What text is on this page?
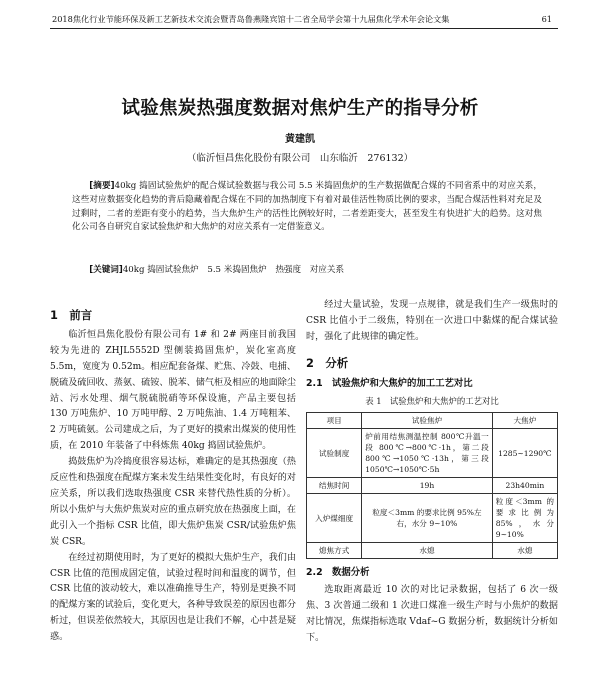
2018焦化行业节能环保及新工艺新技术交流会暨青岛鲁燕隆宾馆十二省全局学会第十九届焦化学术年会论文集	61
试验焦炭热强度数据对焦炉生产的指导分析
黄建凯
（临沂恒昌焦化股份有限公司　山东临沂　276132）
[摘要]40kg 捣固试验焦炉的配合煤试验数据与我公司 5.5 米捣固焦炉的生产数据做配合煤的不同省系中的对应关系，这些对应数据变化趋势的背后隐藏着配合煤在不同的加热制度下有着对最佳活性物质比例的要求，当配合煤活性料对充足及过剩时，二者的差距有变小的趋势，当大焦炉生产的活性比例较好时，二者差距变大，甚至发生有快进扩大的趋势。这对焦化公司各自研究自家试验焦炉和大焦炉的对应关系有一定借鉴意义。
[关键词]40kg 捣固试验焦炉　5.5 米捣固焦炉　热强度　对应关系
1　前言

临沂恒昌焦化股份有限公司有 1# 和 2# 两座目前我国较为先进的 ZHJL5552D 型侧装捣固焦炉，炭化室高度 5.5m，宽度为 0.52m。相应配套备煤、贮焦、冷鼓、电捕、脱硫及硫回收、蒸氨、硫铵、脱苯、储气柜及相应的地面除尘站、污水处理、烟气脱硫脱硝等环保设施，产品主要包括 130 万吨焦炉、10 万吨甲醇、2 万吨焦油、1.4 万吨粗苯、2 万吨硫氨。公司建成之后，为了更好的摸索出煤炭的使用性质，在 2010 年装备了中科炼焦 40kg 捣固试验焦炉。

捣鼓焦炉为冷捣度很容易达标，难确定的是其热强度（热反应性和热强度在配煤方案未发生结果性变化时，有良好的对应关系，所以我们选取热强度 CSR 来替代热性质的分析）。所以小焦炉与大焦炉焦炭对应的重点研究放在热强度上面，在此引入一个指标 CSR 比值，即大焦炉焦炭 CSR/试验焦炉焦炭 CSR。

在经过初期使用时，为了更好的模拟大焦炉生产，我们由 CSR 比值的范围成固定值，试验过程时间和温度的调节，但 CSR 比值的波动较大，难以准确推导生产，特别是更换不同的配煤方案的试验后，变化更大，各种导致误差的原因也都分析过，但误差依然较大，其原因也是让我们不解，心中甚是疑惑。

经过大量试验，发现一点规律，就是我们生产一级焦时的 CSR 比值小于二级焦，特别在一次进口中黏煤的配合煤试验时，强化了此规律的确定性。

2　分析
2.1　试验焦炉和大焦炉的加工工艺对比
表 1　试验焦炉和大焦炉的工艺对比
项目	试验焦炉	大焦炉
试验制度	炉前用结焦测温控制 800℃升温一段 800℃→800℃·1h，第二段 800℃→1050℃·13h，第三段 1050℃→1050℃·5h	1285~1290℃
结焦时间	19h	23h40min
入炉煤细度	粒度＜3mm 的要求比例 95%左右，水分 9~10%	粒度＜3mm 的要求比例为 85%，水分 9~10%
熄焦方式	水熄	水熄
2.2　数据分析

选取距离最近 10 次的对比记录数据，包括了 6 次一级焦、3 次普通二级和 1 次进口煤准一级生产时与小焦炉的数据对比情况，焦煤指标选取 Vdaf~G 数据分析，数据统计分析如下。
